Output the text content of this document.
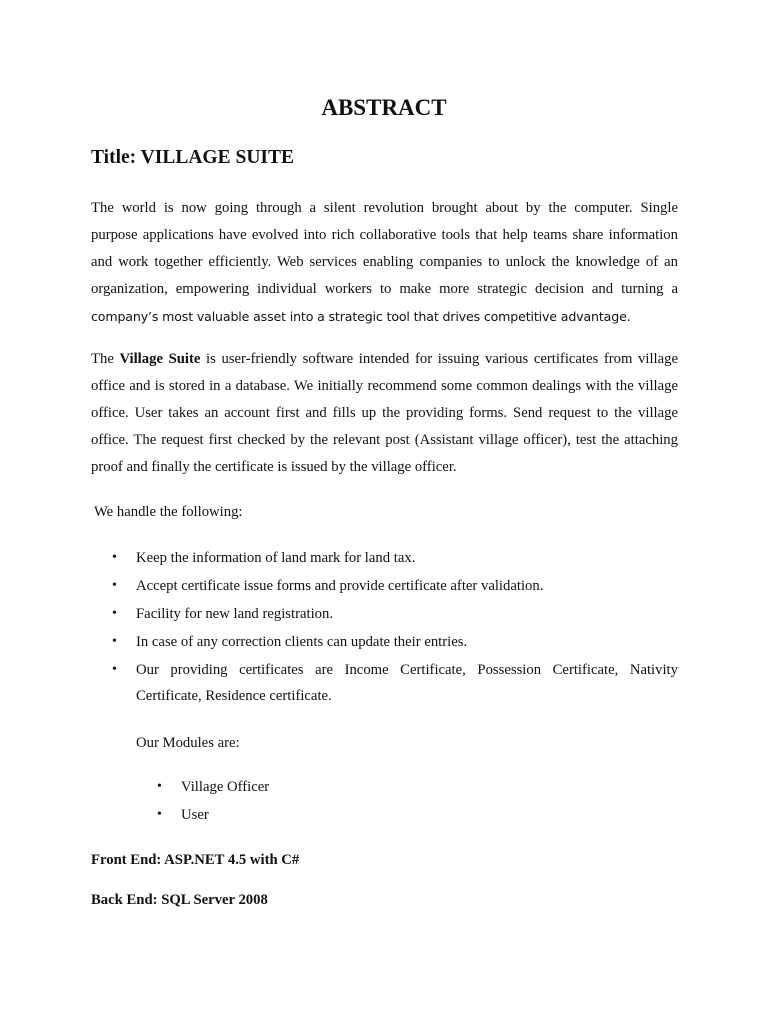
ABSTRACT
Title: VILLAGE SUITE
The world is now going through a silent revolution brought about by the computer. Single
purpose applications have evolved into rich collaborative tools that help teams share information
and work together efficiently. Web services enabling companies to unlock the knowledge of an
organization, empowering individual workers to make more strategic decision and turning a
company’s most valuable asset into a strategic tool that drives competitive advantage.

The Village Suite is user-friendly software intended for issuing various certificates from village office and is stored in a database. We initially recommend some common dealings with the village office. User takes an account first and fills up the providing forms. Send request to the village office. The request first checked by the relevant post (Assistant village officer), test the attaching proof and finally the certificate is issued by the village officer.

We handle the following:

• Keep the information of land mark for land tax.
• Accept certificate issue forms and provide certificate after validation.
• Facility for new land registration.
• In case of any correction clients can update their entries.
• Our providing certificates are Income Certificate, Possession Certificate, Nativity Certificate, Residence certificate.

Our Modules are:

• Village Officer
• User

Front End: ASP.NET 4.5 with C#

Back End: SQL Server 2008
